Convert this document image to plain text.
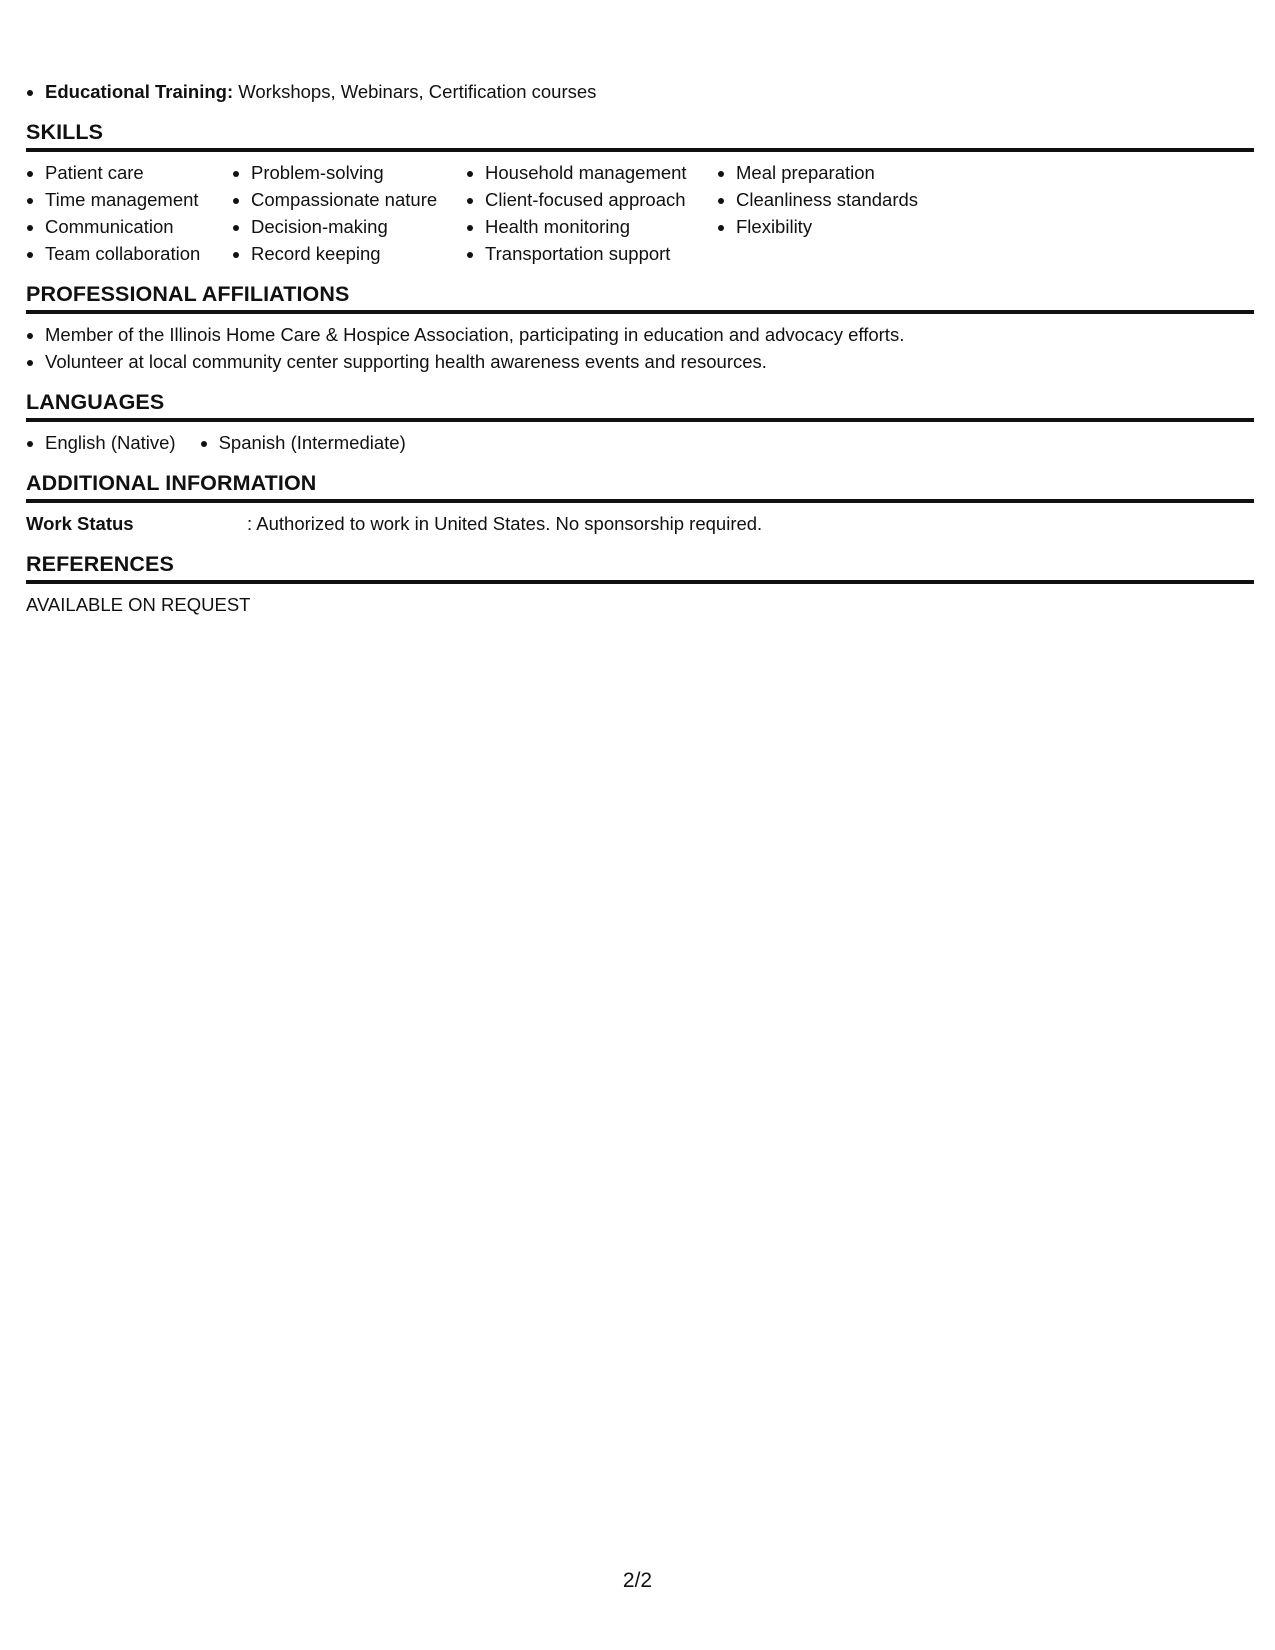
Educational Training: Workshops, Webinars, Certification courses
SKILLS
Patient care
Time management
Communication
Team collaboration
Problem-solving
Compassionate nature
Decision-making
Record keeping
Household management
Client-focused approach
Health monitoring
Transportation support
Meal preparation
Cleanliness standards
Flexibility
PROFESSIONAL AFFILIATIONS
Member of the Illinois Home Care & Hospice Association, participating in education and advocacy efforts.
Volunteer at local community center supporting health awareness events and resources.
LANGUAGES
English (Native)	Spanish (Intermediate)
ADDITIONAL INFORMATION
Work Status	: Authorized to work in United States. No sponsorship required.
REFERENCES
AVAILABLE ON REQUEST
2/2
